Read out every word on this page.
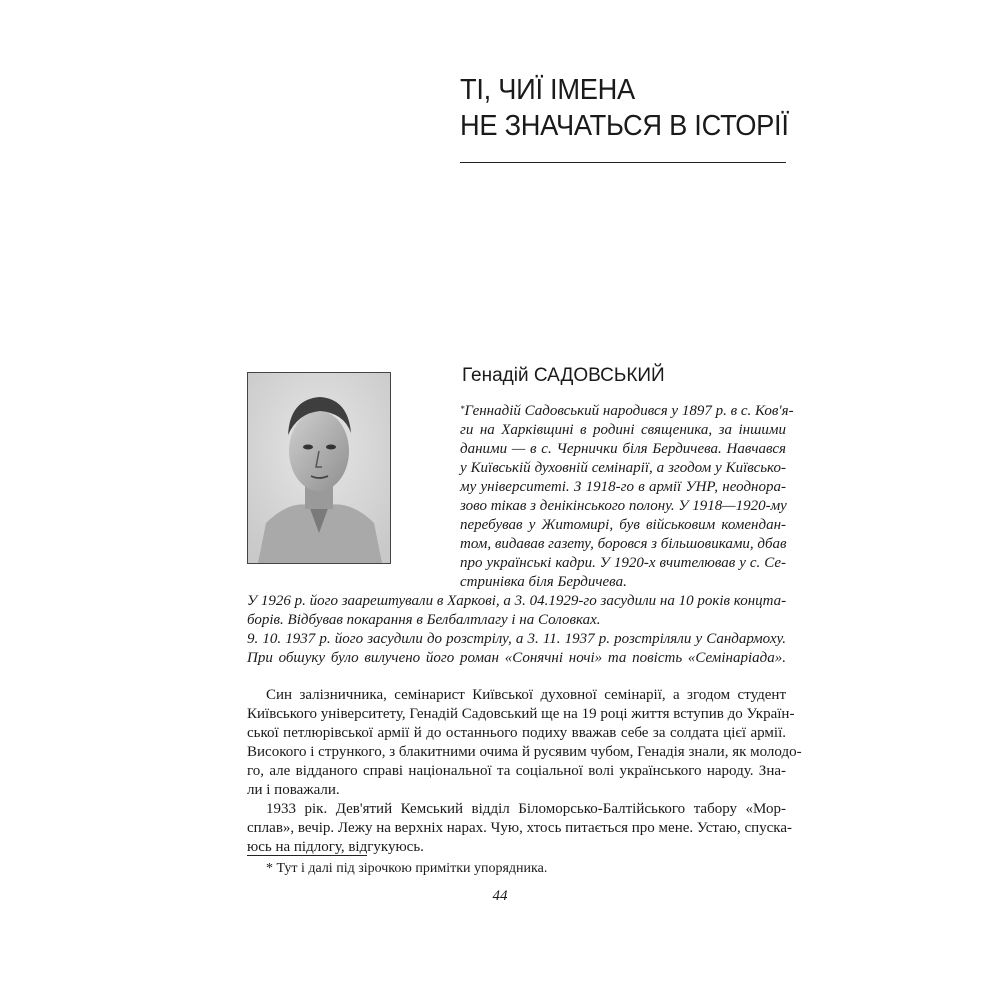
ТІ, ЧИЇ ІМЕНА
НЕ ЗНАЧАТЬСЯ В ІСТОРІЇ
Генадій САДОВСЬКИЙ
*Геннадій Садовський народився у 1897 р. в с. Ков'я-
ги на Харківщині в родині священика, за іншими
даними — в с. Чернички біля Бердичева. Навчався
у Київській духовній семінарії, а згодом у Київсько-
му університеті. З 1918-го в армії УНР, неоднора-
зово тікав з денікінського полону. У 1918—1920-му
перебував у Житомирі, був військовим комендан-
том, видавав газету, боровся з більшовиками, дбав
про українські кадри. У 1920-х вчителював у с. Се-
стринівка біля Бердичева.
У 1926 р. його заарештували в Харкові, а 3. 04.1929-го засудили на 10 років концта-
борів. Відбував покарання в Белбалтлагу і на Соловках.
9. 10. 1937 р. його засудили до розстрілу, а 3. 11. 1937 р. розстріляли у Сандармоху.
При обшуку було вилучено його роман «Сонячні ночі» та повість «Семінаріада».
Син залізничника, семінарист Київської духовної семінарії, а згодом студент
Київського університету, Генадій Садовський ще на 19 році життя вступив до Україн-
ської петлюрівської армії й до останнього подиху вважав себе за солдата цієї армії.
Високого і стрункого, з блакитними очима й русявим чубом, Генадія знали, як молодо-
го, але відданого справі національної та соціальної волі українського народу. Зна-
ли і поважали.
1933 рік. Дев'ятий Кемський відділ Біломорсько-Балтійського табору «Мор-
сплав», вечір. Лежу на верхніх нарах. Чую, хтось питається про мене. Устаю, спуска-
юсь на підлогу, відгукуюсь.
* Тут і далі під зірочкою примітки упорядника.
44
